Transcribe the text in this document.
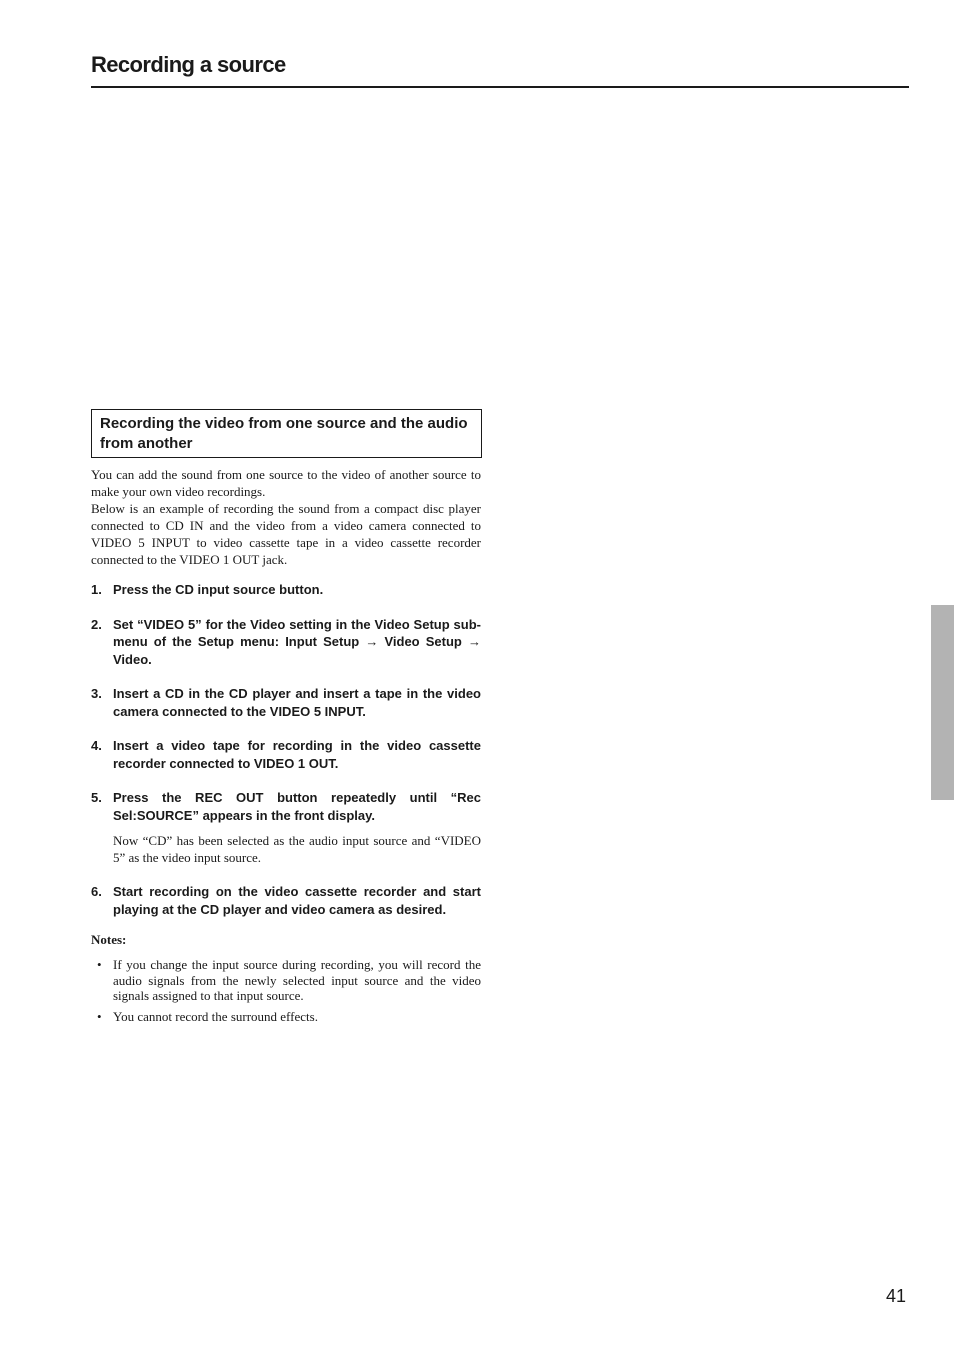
Recording a source
Recording the video from one source and the audio from another

You can add the sound from one source to the video of another source to make your own video recordings.

Below is an example of recording the sound from a compact disc player connected to CD IN and the video from a video camera connected to VIDEO 5 INPUT to video cassette tape in a video cassette recorder connected to the VIDEO 1 OUT jack.

1. Press the CD input source button.
2. Set “VIDEO 5” for the Video setting in the Video Setup sub-menu of the Setup menu: Input Setup → Video Setup → Video.
3. Insert a CD in the CD player and insert a tape in the video camera connected to the VIDEO 5 INPUT.
4. Insert a video tape for recording in the video cassette recorder connected to VIDEO 1 OUT.
5. Press the REC OUT button repeatedly until “Rec Sel:SOURCE” appears in the front display.
Now “CD” has been selected as the audio input source and “VIDEO 5” as the video input source.
6. Start recording on the video cassette recorder and start playing at the CD player and video camera as desired.
Notes:
• If you change the input source during recording, you will record the audio signals from the newly selected input source and the video signals assigned to that input source.
• You cannot record the surround effects.
41
